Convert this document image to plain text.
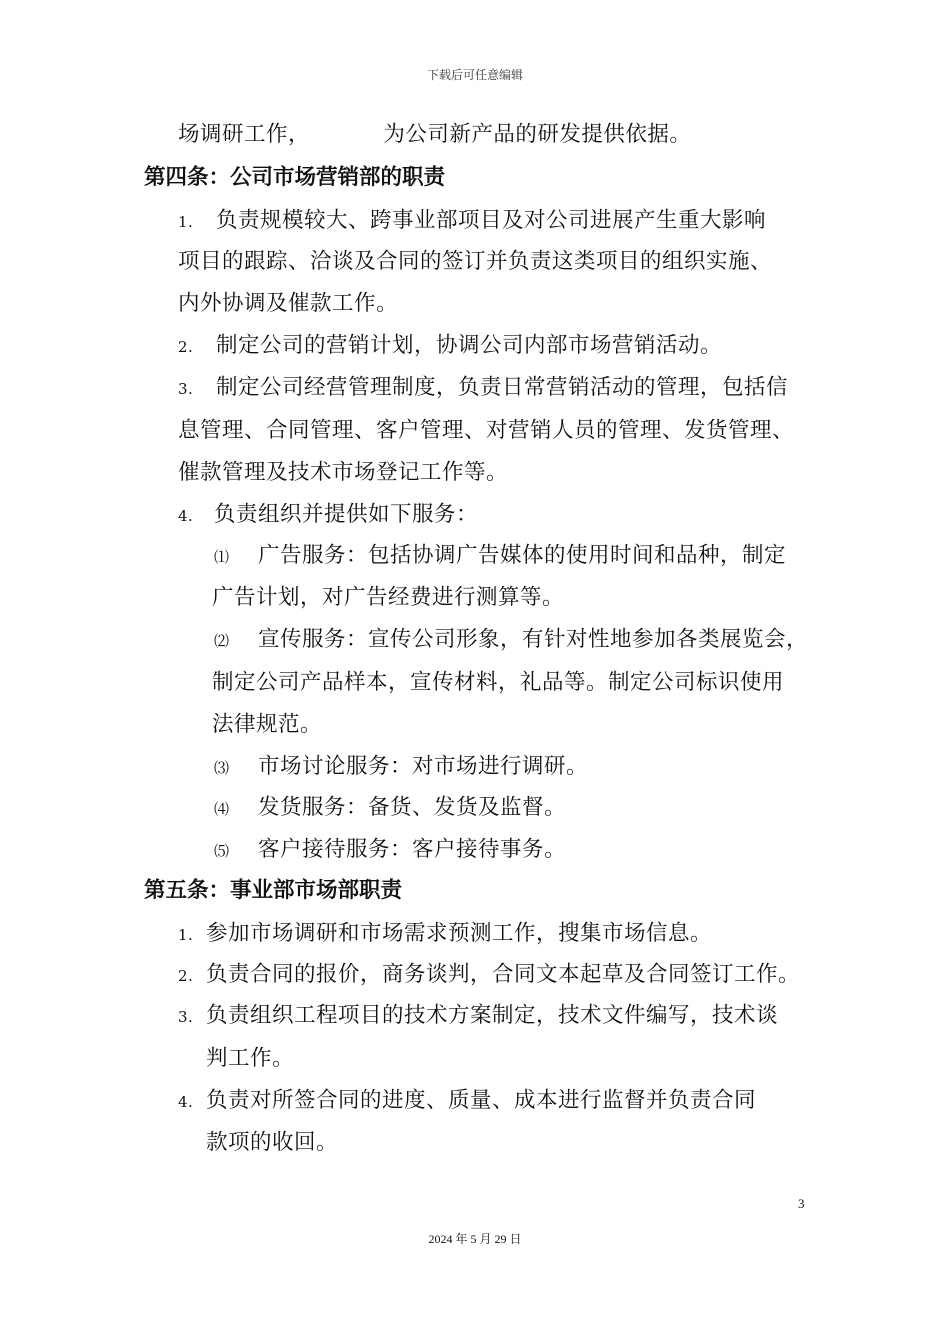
下载后可任意编辑
场调研工作，          为公司新产品的研发提供依据。
第四条：公司市场营销部的职责
1. 负责规模较大、跨事业部项目及对公司进展产生重大影响
项目的跟踪、洽谈及合同的签订并负责这类项目的组织实施、
内外协调及催款工作。
2. 制定公司的营销计划，协调公司内部市场营销活动。
3. 制定公司经营管理制度，负责日常营销活动的管理，包括信
息管理、合同管理、客户管理、对营销人员的管理、发货管理、
催款管理及技术市场登记工作等。
4. 负责组织并提供如下服务：
⑴ 广告服务：包括协调广告媒体的使用时间和品种，制定
广告计划，对广告经费进行测算等。
⑵ 宣传服务：宣传公司形象，有针对性地参加各类展览会，
制定公司产品样本，宣传材料，礼品等。制定公司标识使用
法律规范。
⑶ 市场讨论服务：对市场进行调研。
⑷ 发货服务：备货、发货及监督。
⑸ 客户接待服务：客户接待事务。
第五条：事业部市场部职责
1. 参加市场调研和市场需求预测工作，搜集市场信息。
2. 负责合同的报价，商务谈判，合同文本起草及合同签订工作。
3. 负责组织工程项目的技术方案制定，技术文件编写，技术谈
判工作。
4. 负责对所签合同的进度、质量、成本进行监督并负责合同
款项的收回。
3
2024 年 5 月 29 日
